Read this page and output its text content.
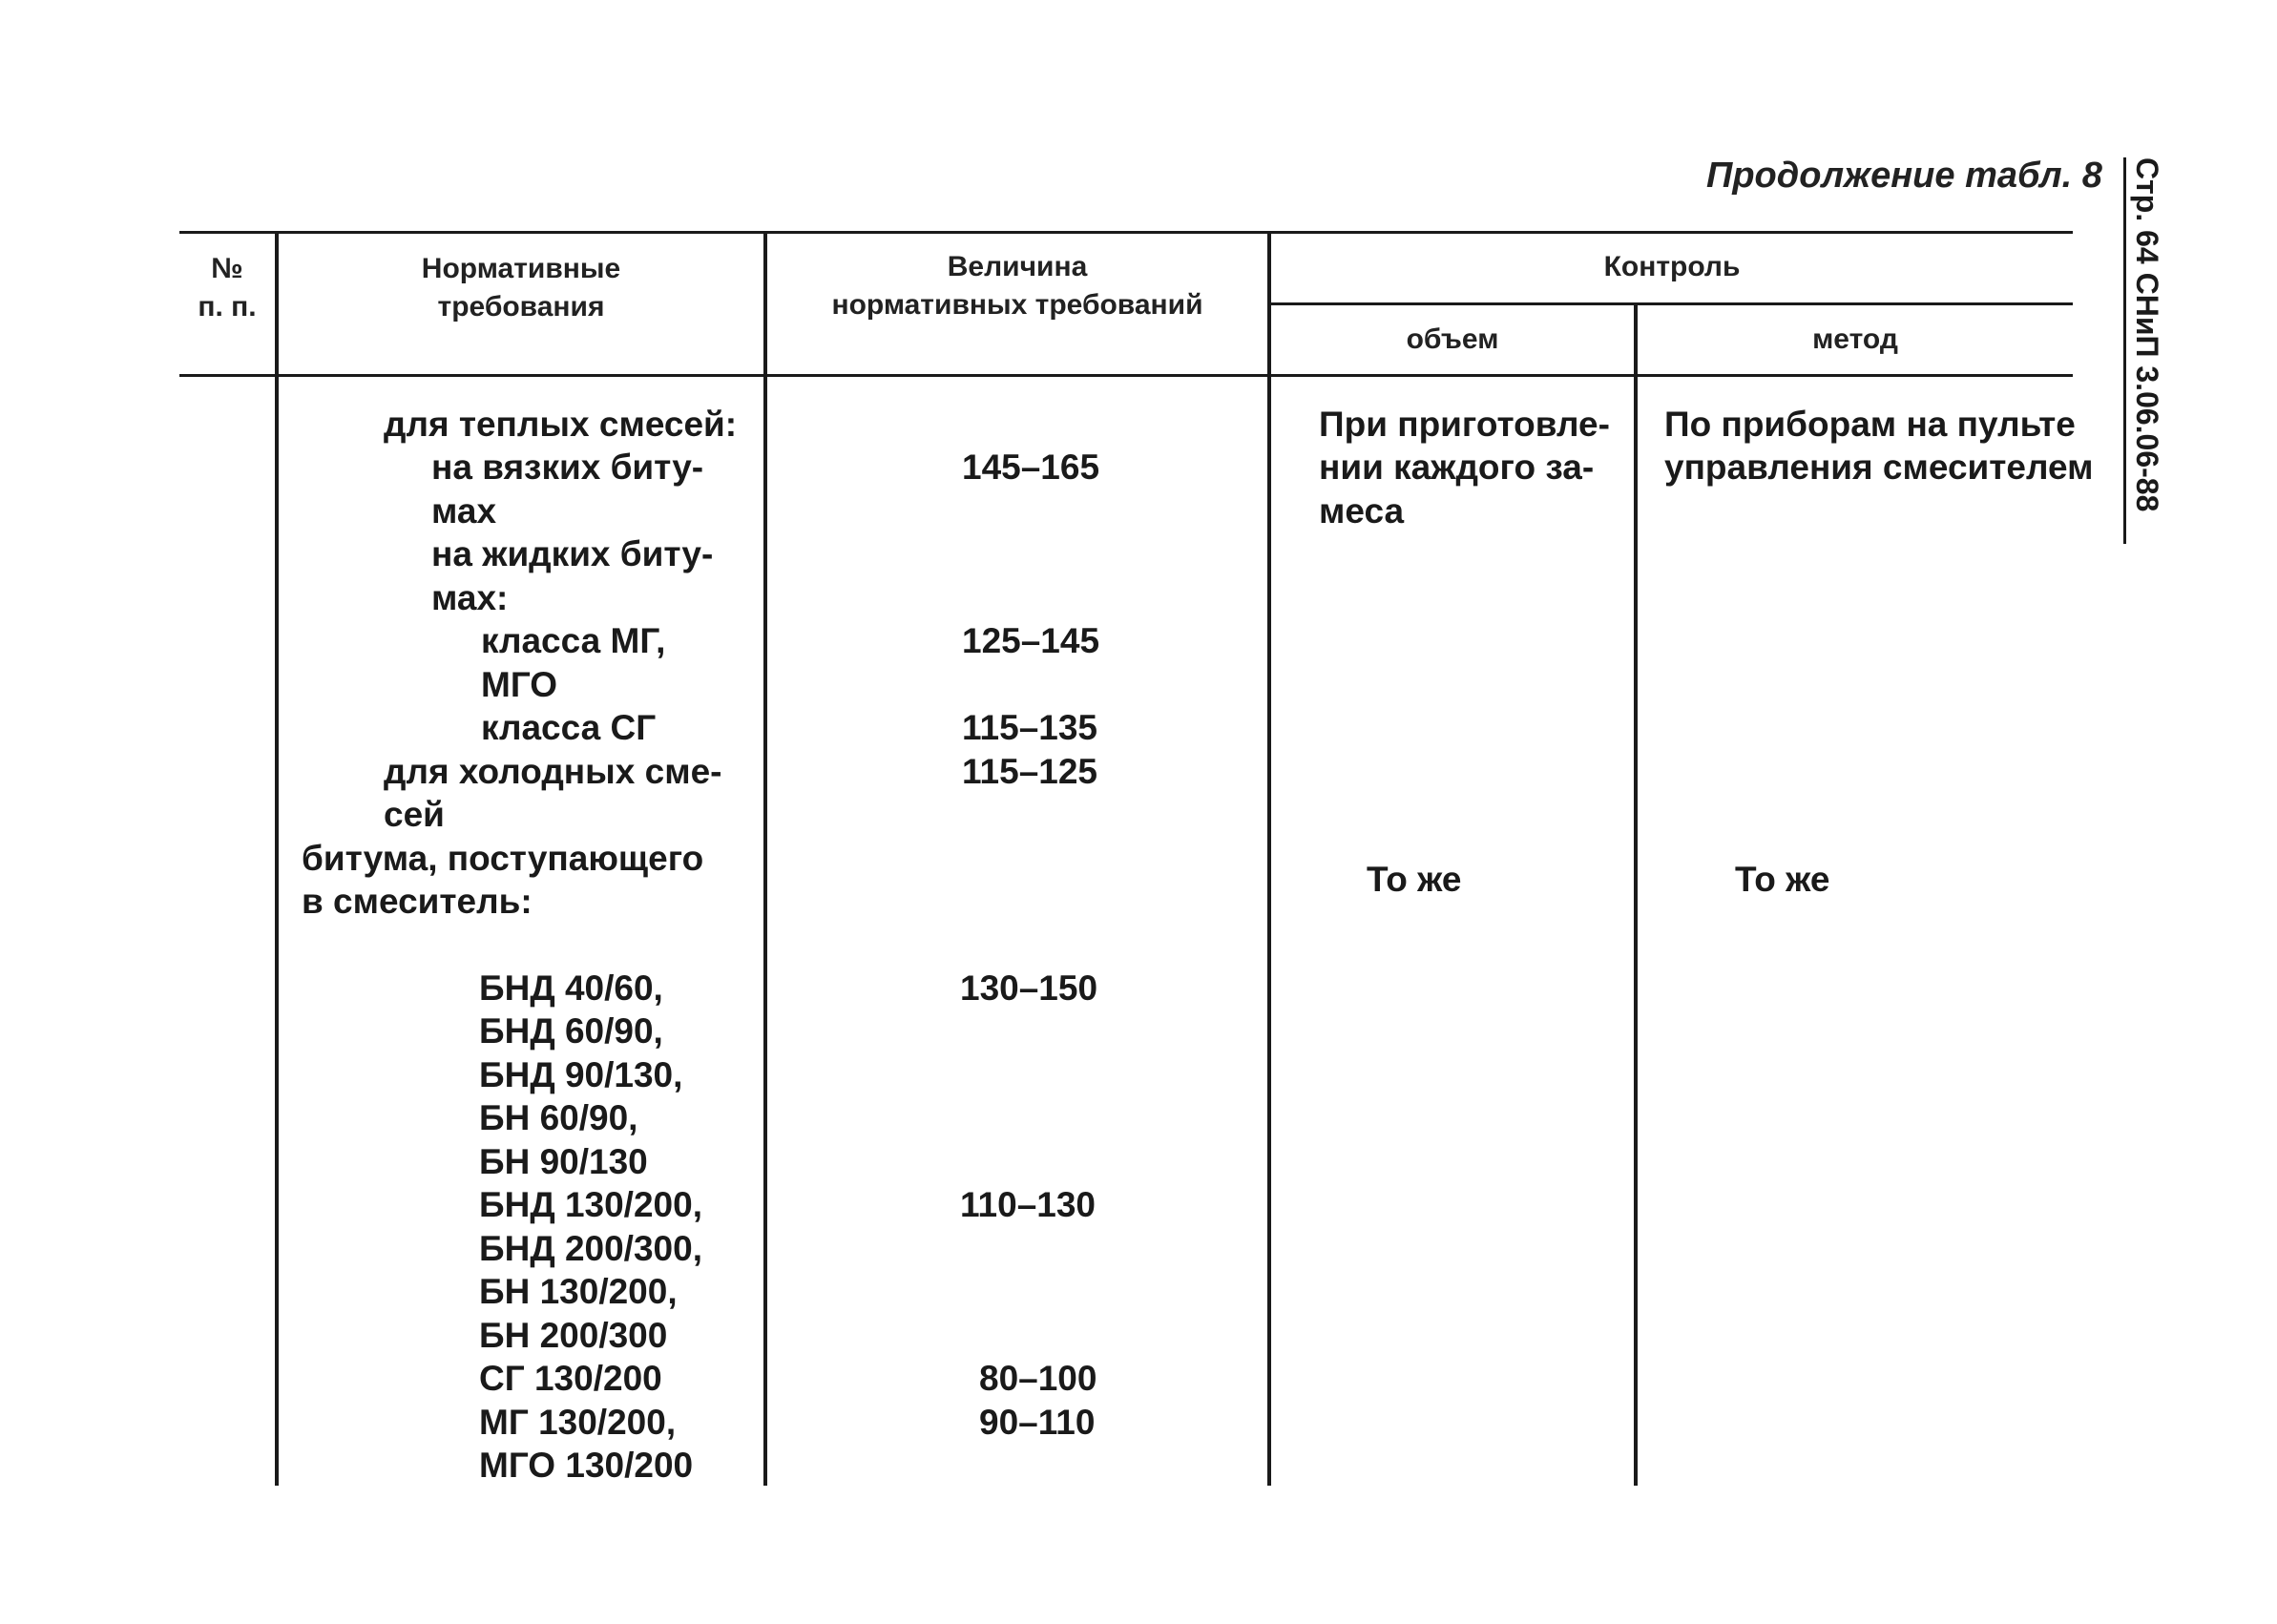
Продолжение табл. 8 Стр. 64 СНиП 3.06.06-88
№
п. п.
Нормативные
требования
Величина
нормативных требований
Контроль
объем	метод
для теплых смесей:
на вязких биту-
мах
на жидких биту-
мах:
класса МГ,
МГО
класса СГ
для холодных сме-
сей
битума, поступающего
в смеситель:
БНД 40/60,
БНД 60/90,
БНД 90/130,
БН 60/90,
БН 90/130
БНД 130/200,
БНД 200/300,
БН 130/200,
БН 200/300
СГ 130/200
МГ 130/200,
МГО 130/200
145–165
125–145
115–135
115–125
130–150
110–130
80–100
90–110
При приготовле-
нии каждого за-
меса
То же
По приборам на пульте
управления смесителем
То же
